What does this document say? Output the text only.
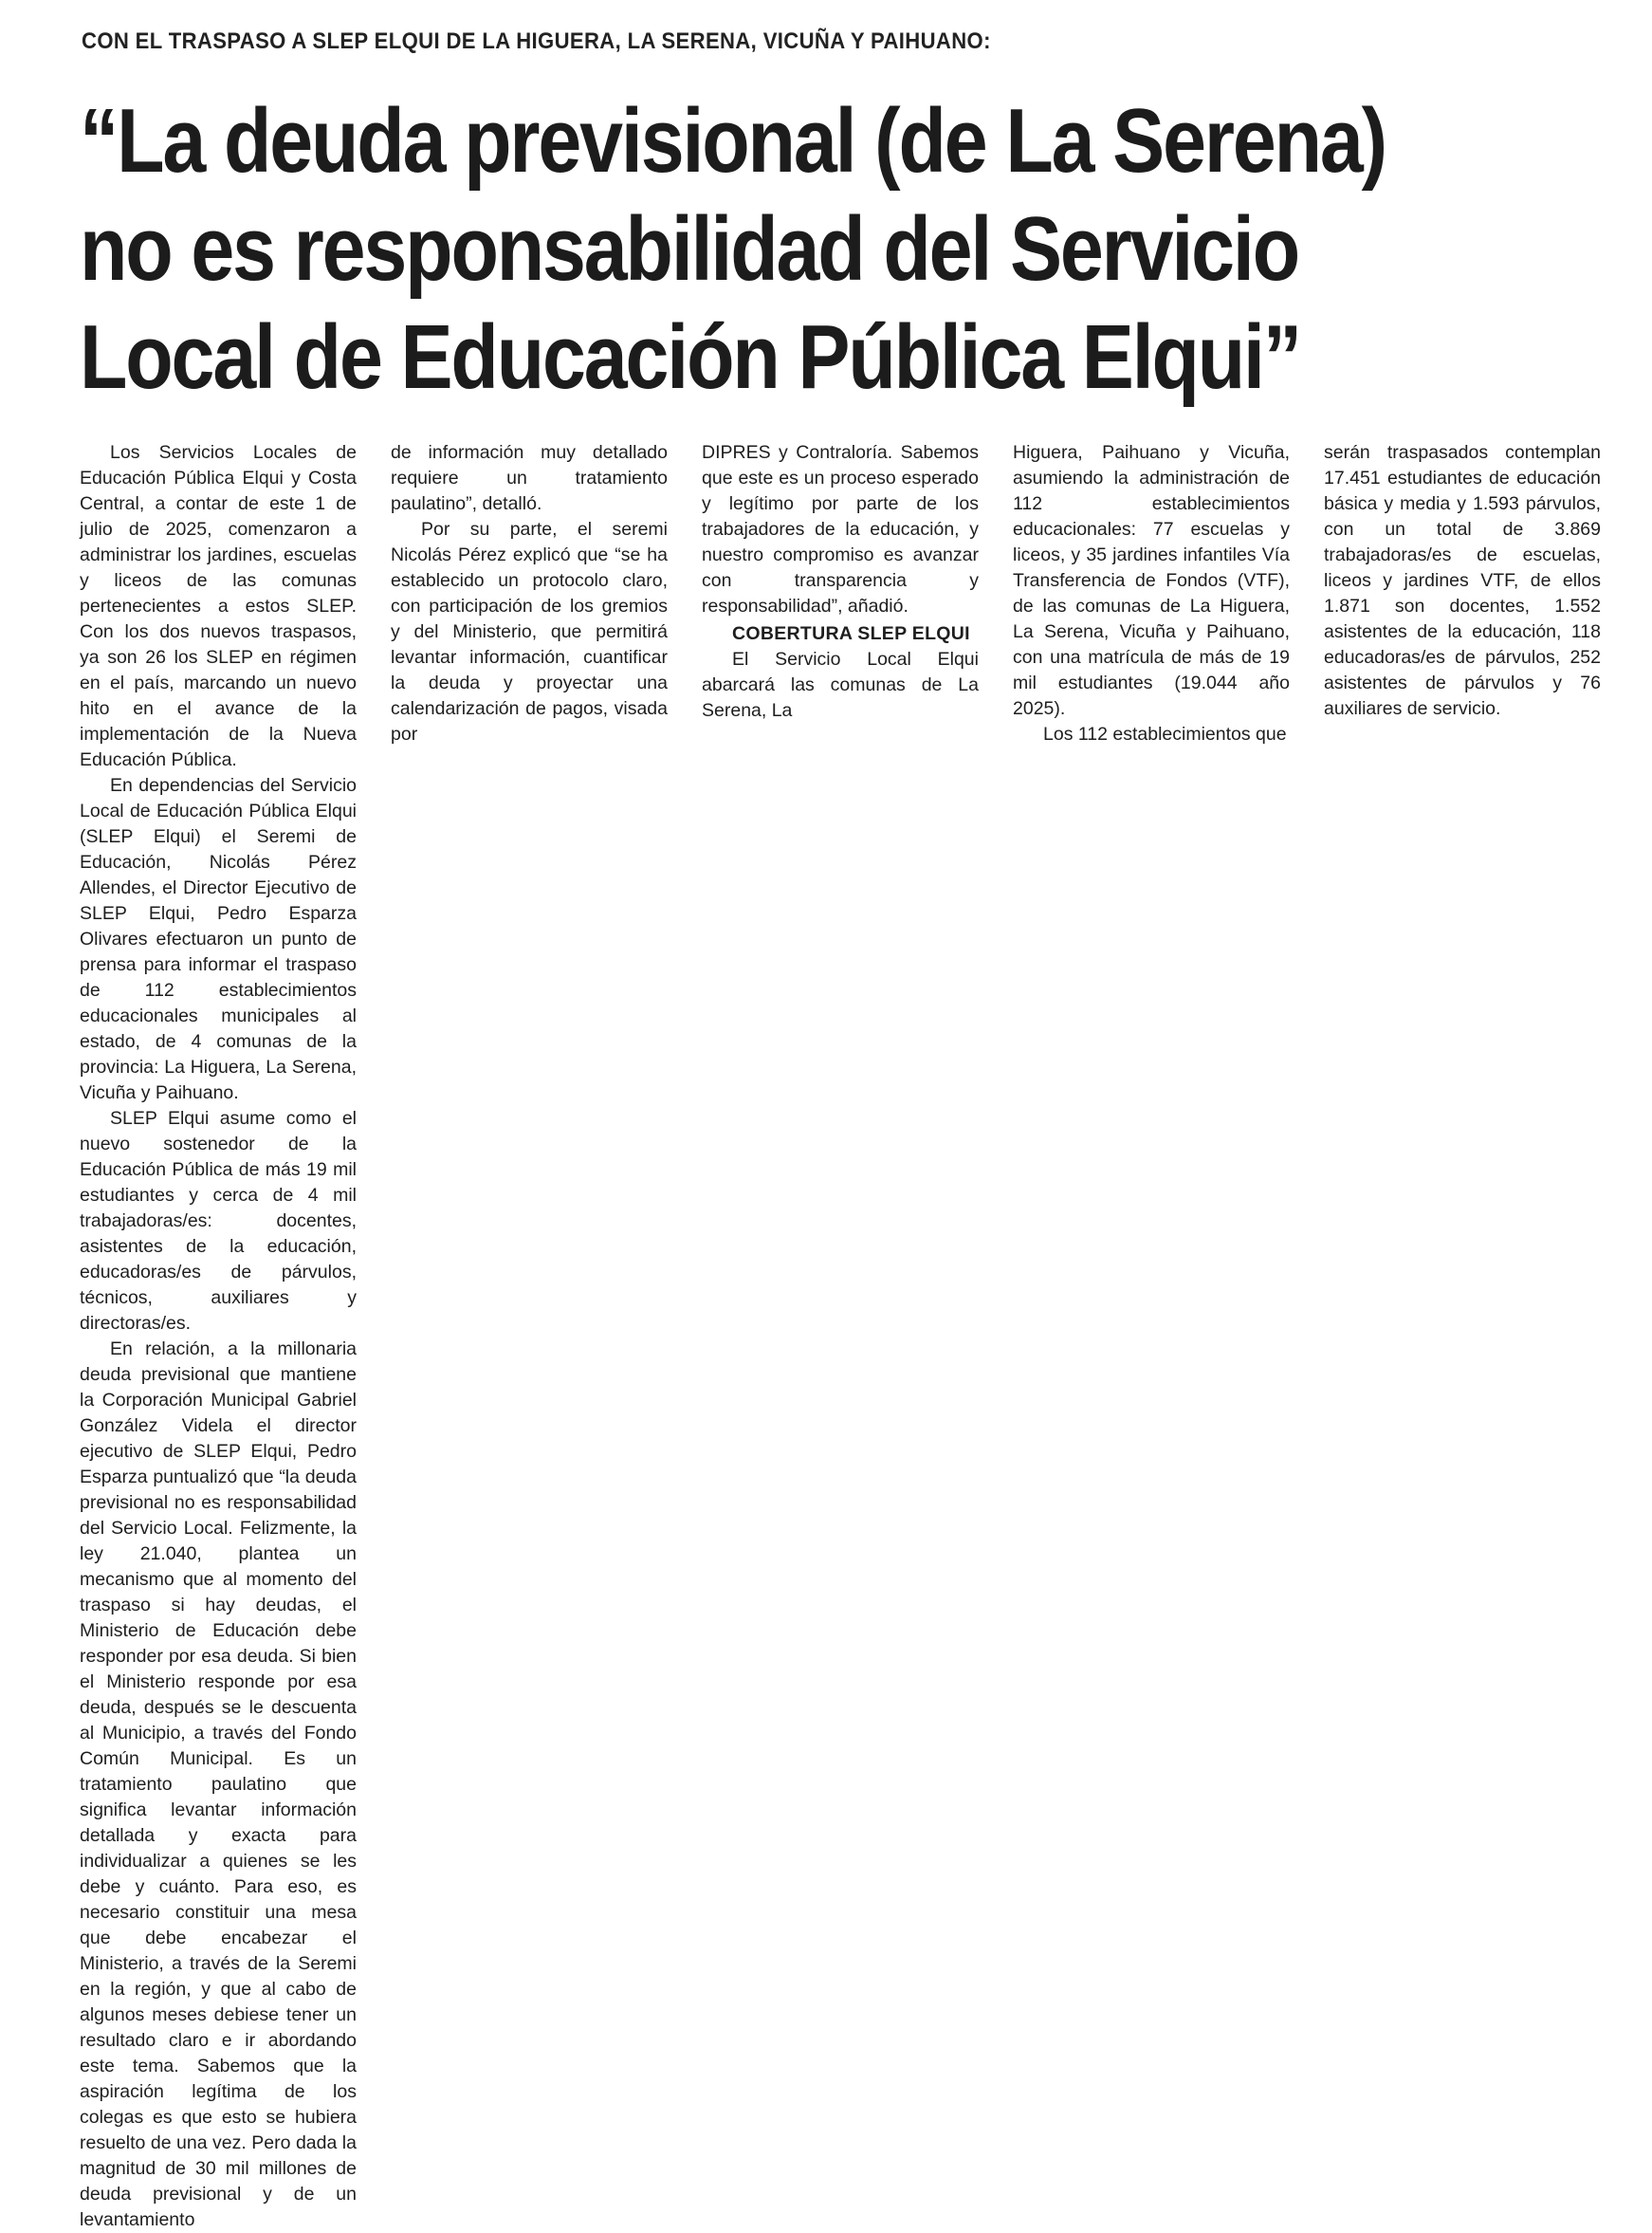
CON EL TRASPASO A SLEP ELQUI DE LA HIGUERA, LA SERENA, VICUÑA Y PAIHUANO:
“La deuda previsional (de La Serena)
no es responsabilidad del Servicio
Local de Educación Pública Elqui”

Los Servicios Locales de Educación Pública Elqui y Costa Central, a contar de este 1 de julio de 2025, comenzaron a administrar los jardines, escuelas y liceos de las comunas pertenecientes a estos SLEP. Con los dos nuevos traspasos, ya son 26 los SLEP en régimen en el país, marcando un nuevo hito en el avance de la implementación de la Nueva Educación Pública.

En dependencias del Servicio Local de Educación Pública Elqui (SLEP Elqui) el Seremi de Educación, Nicolás Pérez Allendes, el Director Ejecutivo de SLEP Elqui, Pedro Esparza Olivares efectuaron un punto de prensa para informar el traspaso de 112 establecimientos educacionales municipales al estado, de 4 comunas de la provincia: La Higuera, La Serena, Vicuña y Paihuano.

SLEP Elqui asume como el nuevo sostenedor de la Educación Pública de más 19 mil estudiantes y cerca de 4 mil trabajadoras/es: docentes, asistentes de la educación, educadoras/es de párvulos, técnicos, auxiliares y directoras/es.

En relación, a la millonaria deuda previsional que mantiene la Corporación Municipal Gabriel González Videla el director ejecutivo de SLEP Elqui, Pedro Esparza puntualizó que “la deuda previsional no es responsabilidad del Servicio Local. Felizmente, la ley 21.040, plantea un mecanismo que al momento del traspaso si hay deudas, el Ministerio de Educación debe responder por esa deuda. Si bien el Ministerio responde por esa deuda, después se le descuenta al Municipio, a través del Fondo Común Municipal. Es un tratamiento paulatino que significa levantar información detallada y exacta para individualizar a quienes se les debe y cuánto. Para eso, es necesario constituir una mesa que debe encabezar el Ministerio, a través de la Seremi en la región, y que al cabo de algunos meses debiese tener un resultado claro e ir abordando este tema. Sabemos que la aspiración legítima de los colegas es que esto se hubiera resuelto de una vez. Pero dada la magnitud de 30 mil millones de deuda previsional y de un levantamiento

de información muy detallado requiere un tratamiento paulatino”, detalló.

Por su parte, el seremi Nicolás Pérez explicó que “se ha establecido un protocolo claro, con participación de los gremios y del Ministerio, que permitirá levantar información, cuantificar la deuda y proyectar una calendarización de pagos, visada por

DIPRES y Contraloría. Sabemos que este es un proceso esperado y legítimo por parte de los trabajadores de la educación, y nuestro compromiso es avanzar con transparencia y responsabilidad”, añadió.

COBERTURA SLEP ELQUI

El Servicio Local Elqui abarcará las comunas de La Serena, La

Higuera, Paihuano y Vicuña, asumiendo la administración de 112 establecimientos educacionales: 77 escuelas y liceos, y 35 jardines infantiles Vía Transferencia de Fondos (VTF), de las comunas de La Higuera, La Serena, Vicuña y Paihuano, con una matrícula de más de 19 mil estudiantes (19.044 año 2025).

Los 112 establecimientos que

serán traspasados contemplan 17.451 estudiantes de educación básica y media y 1.593 párvulos, con un total de 3.869 trabajadoras/es de escuelas, liceos y jardines VTF, de ellos 1.871 son docentes, 1.552 asistentes de la educación, 118 educadoras/es de párvulos, 252 asistentes de párvulos y 76 auxiliares de servicio.
